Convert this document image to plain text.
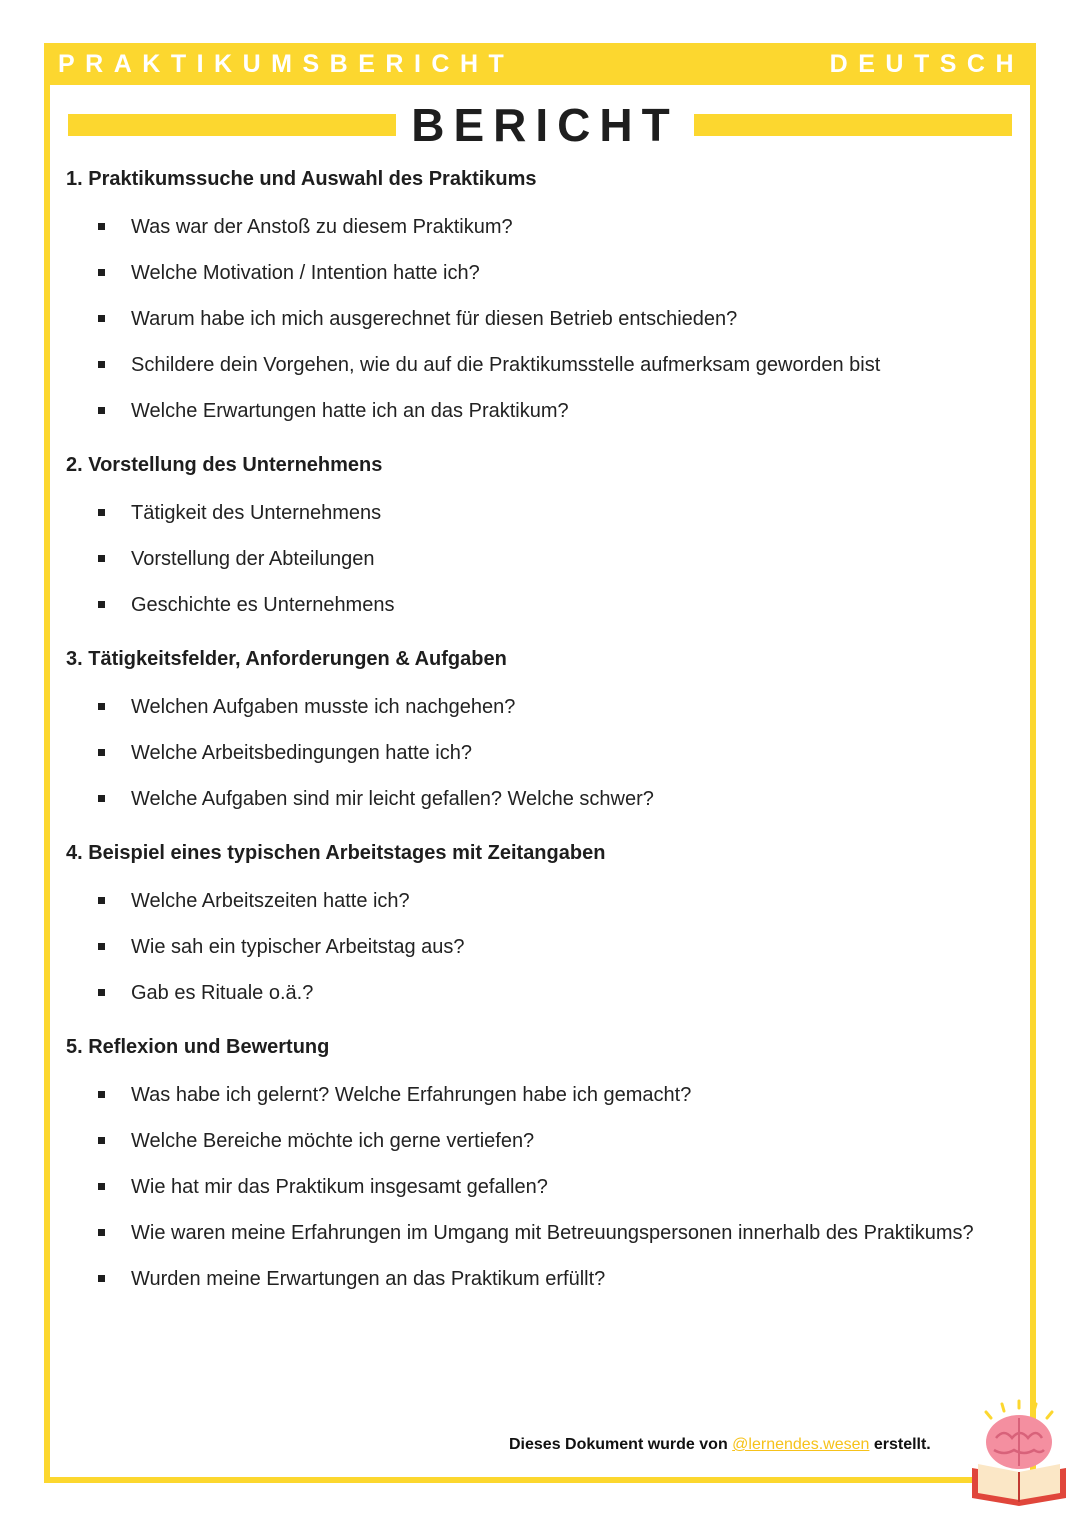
PRAKTIKUMSBERICHT	DEUTSCH
BERICHT
1. Praktikumssuche und Auswahl des Praktikums
Was war der Anstoß zu diesem Praktikum?
Welche Motivation / Intention hatte ich?
Warum habe ich mich ausgerechnet für diesen Betrieb entschieden?
Schildere dein Vorgehen, wie du auf die Praktikumsstelle aufmerksam geworden bist
Welche Erwartungen hatte ich an das Praktikum?
2. Vorstellung des Unternehmens
Tätigkeit des Unternehmens
Vorstellung der Abteilungen
Geschichte es Unternehmens
3. Tätigkeitsfelder, Anforderungen & Aufgaben
Welchen Aufgaben musste ich nachgehen?
Welche Arbeitsbedingungen hatte ich?
Welche Aufgaben sind mir leicht gefallen? Welche schwer?
4. Beispiel eines typischen Arbeitstages mit Zeitangaben
Welche Arbeitszeiten hatte ich?
Wie sah ein typischer Arbeitstag aus?
Gab es Rituale o.ä.?
5. Reflexion und Bewertung
Was habe ich gelernt? Welche Erfahrungen habe ich gemacht?
Welche Bereiche möchte ich gerne vertiefen?
Wie hat mir das Praktikum insgesamt gefallen?
Wie waren meine Erfahrungen im Umgang mit Betreuungspersonen innerhalb des Praktikums?
Wurden meine Erwartungen an das Praktikum erfüllt?
Dieses Dokument wurde von @lernendes.wesen erstellt.
